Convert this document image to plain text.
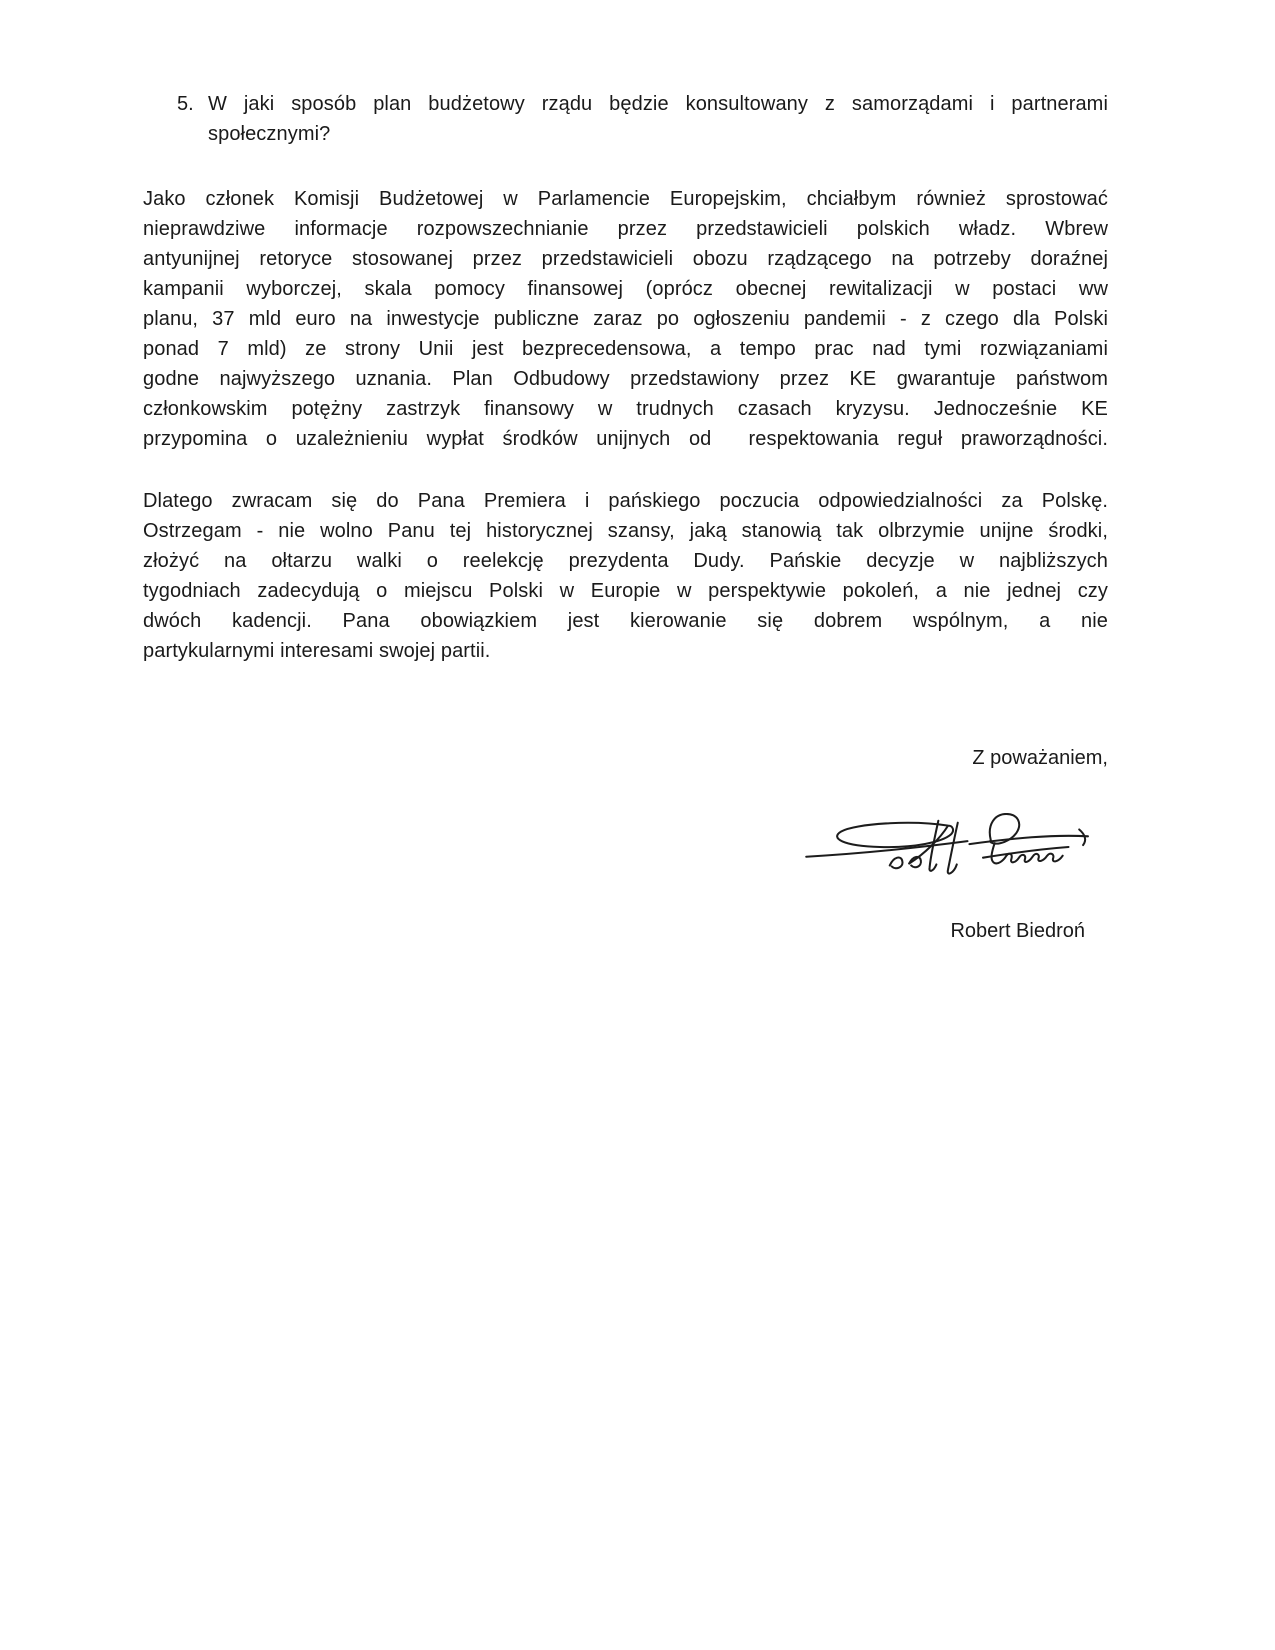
5. W jaki sposób plan budżetowy rządu będzie konsultowany z samorządami i partnerami
społecznymi?
Jako członek Komisji Budżetowej w Parlamencie Europejskim, chciałbym również sprostować
nieprawdziwe informacje rozpowszechnianie przez przedstawicieli polskich władz. Wbrew
antyunijnej retoryce stosowanej przez przedstawicieli obozu rządzącego na potrzeby doraźnej
kampanii wyborczej, skala pomocy finansowej (oprócz obecnej rewitalizacji w postaci ww
planu, 37 mld euro na inwestycje publiczne zaraz po ogłoszeniu pandemii - z czego dla Polski
ponad 7 mld) ze strony Unii jest bezprecedensowa, a tempo prac nad tymi rozwiązaniami
godne najwyższego uznania. Plan Odbudowy przedstawiony przez KE gwarantuje państwom
członkowskim potężny zastrzyk finansowy w trudnych czasach kryzysu. Jednocześnie KE
przypomina o uzależnieniu wypłat środków unijnych od  respektowania reguł praworządności.
Dlatego zwracam się do Pana Premiera i pańskiego poczucia odpowiedzialności za Polskę.
Ostrzegam - nie wolno Panu tej historycznej szansy, jaką stanowią tak olbrzymie unijne środki,
złożyć na ołtarzu walki o reelekcję prezydenta Dudy. Pańskie decyzje w najbliższych
tygodniach zadecydują o miejscu Polski w Europie w perspektywie pokoleń, a nie jednej czy
dwóch kadencji. Pana obowiązkiem jest kierowanie się dobrem wspólnym, a nie
partykularnymi interesami swojej partii.
Z poważaniem,
Robert Biedroń
